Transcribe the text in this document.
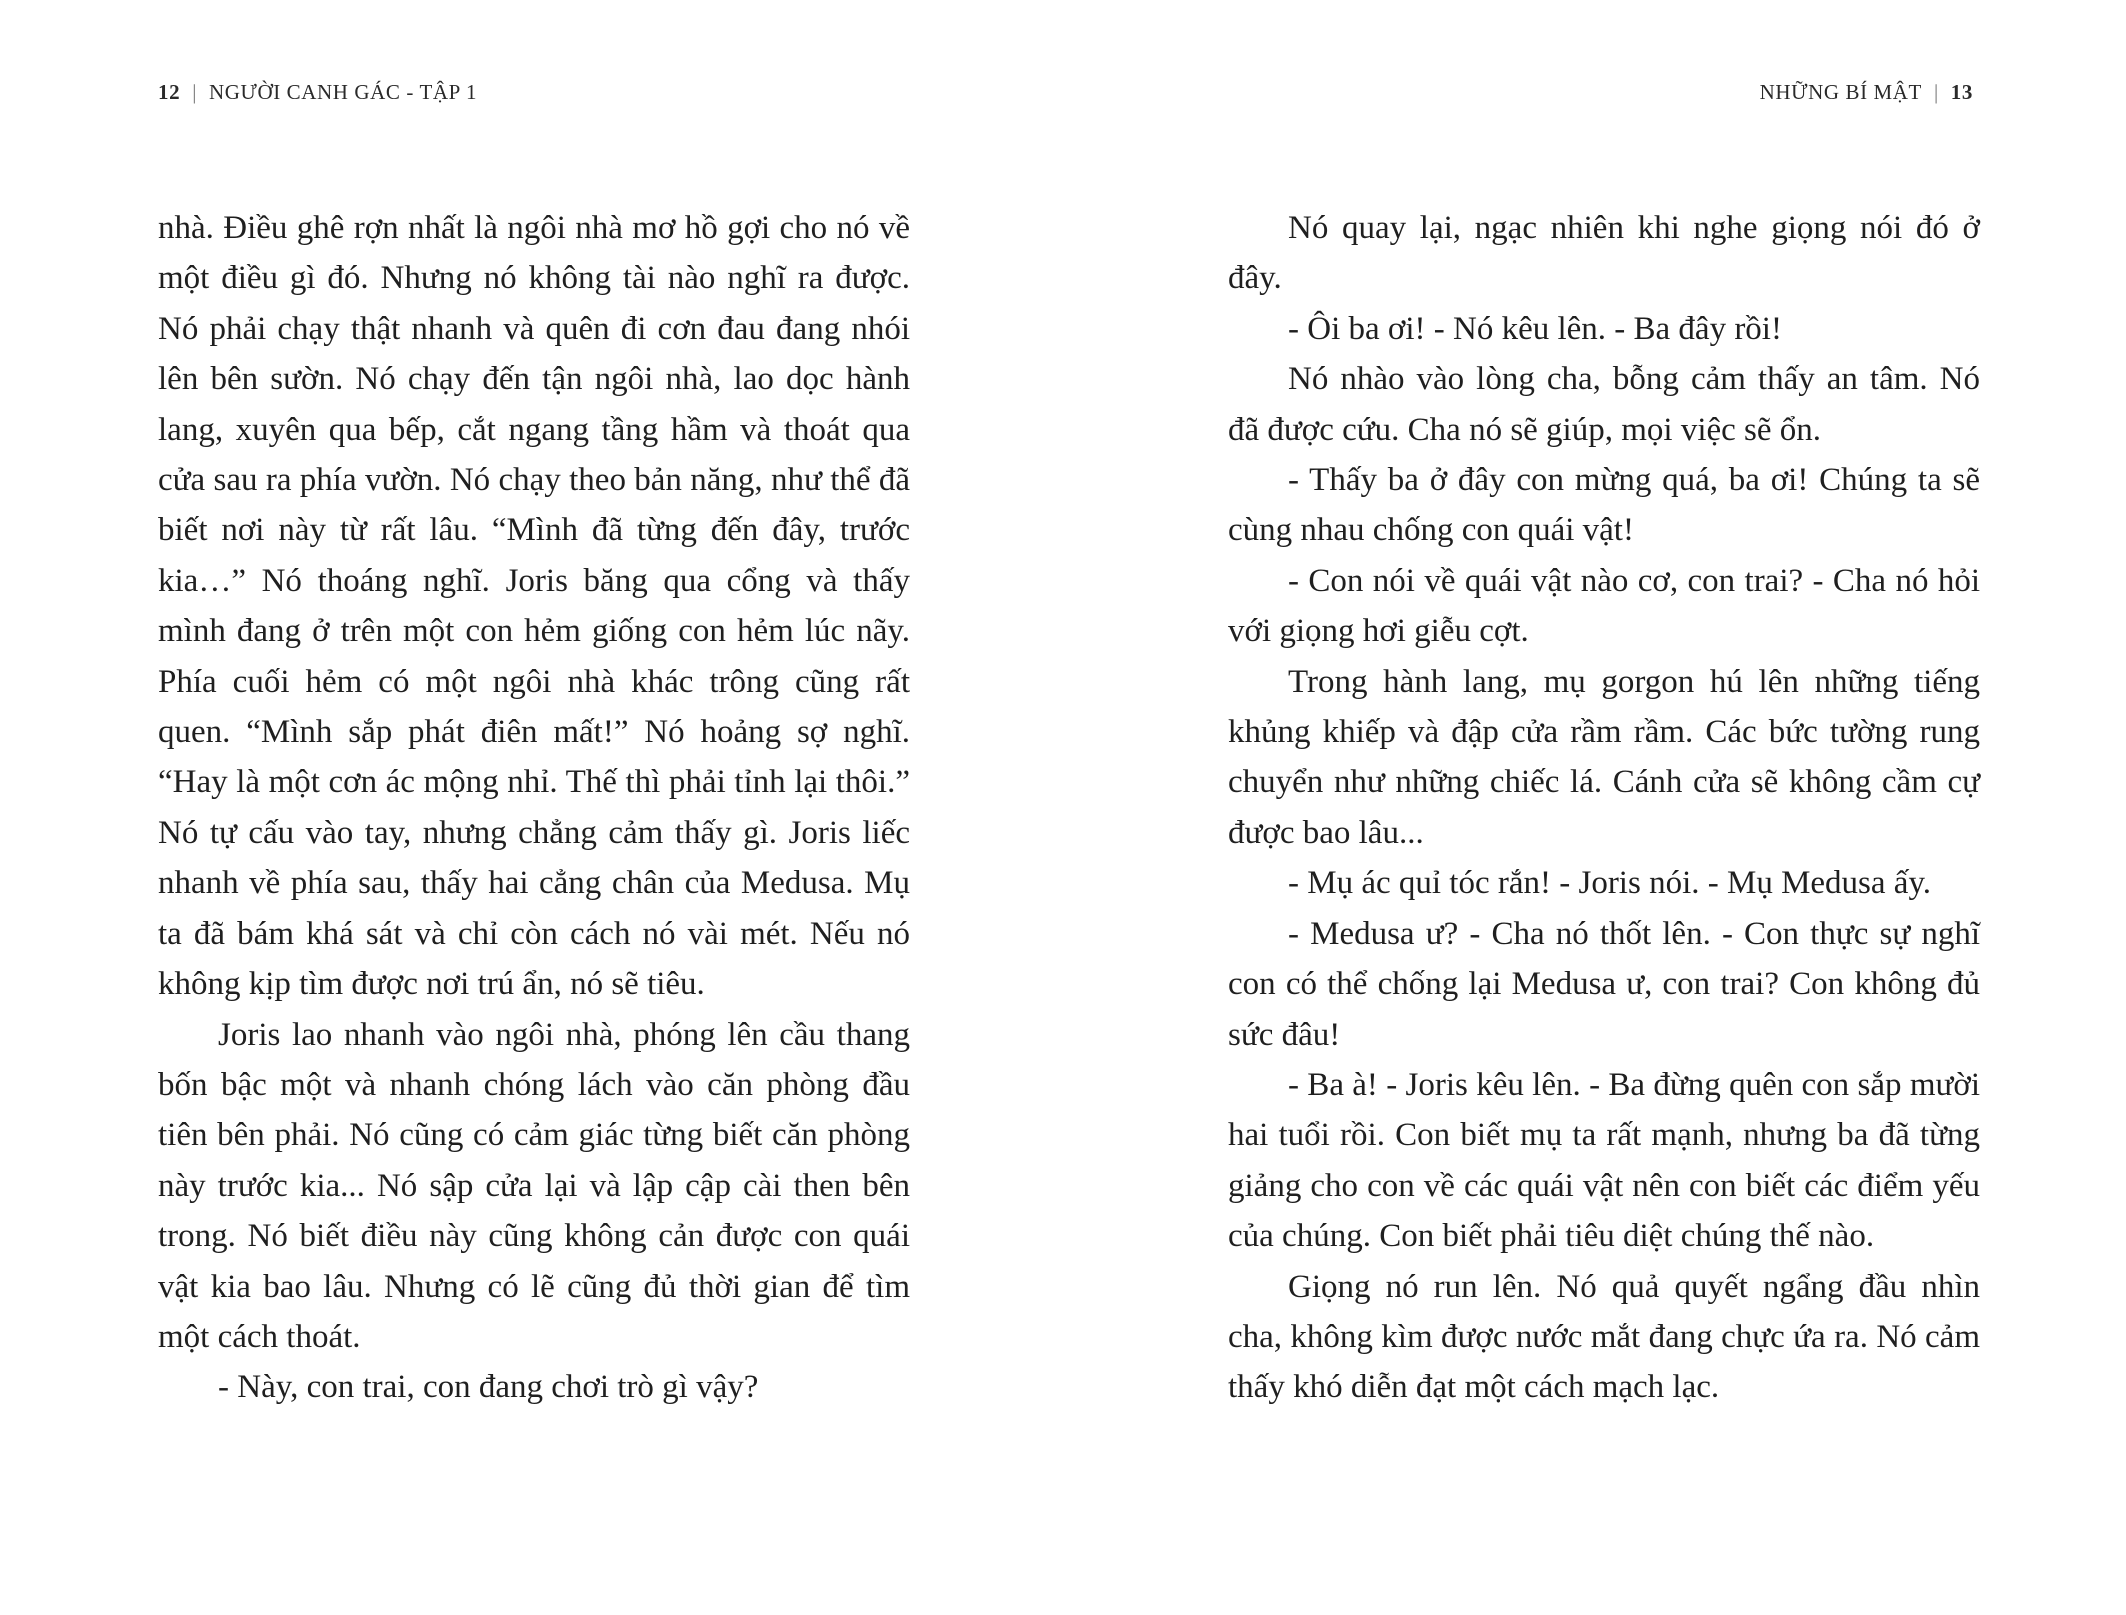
12 | NGƯỜI CANH GÁC - TẬP 1

nhà. Điều ghê rợn nhất là ngôi nhà mơ hồ gợi cho nó về một điều gì đó. Nhưng nó không tài nào nghĩ ra được. Nó phải chạy thật nhanh và quên đi cơn đau đang nhói lên bên sườn. Nó chạy đến tận ngôi nhà, lao dọc hành lang, xuyên qua bếp, cắt ngang tầng hầm và thoát qua cửa sau ra phía vườn. Nó chạy theo bản năng, như thể đã biết nơi này từ rất lâu. “Mình đã từng đến đây, trước kia…” Nó thoáng nghĩ. Joris băng qua cổng và thấy mình đang ở trên một con hẻm giống con hẻm lúc nãy. Phía cuối hẻm có một ngôi nhà khác trông cũng rất quen. “Mình sắp phát điên mất!” Nó hoảng sợ nghĩ. “Hay là một cơn ác mộng nhỉ. Thế thì phải tỉnh lại thôi.” Nó tự cấu vào tay, nhưng chẳng cảm thấy gì. Joris liếc nhanh về phía sau, thấy hai cẳng chân của Medusa. Mụ ta đã bám khá sát và chỉ còn cách nó vài mét. Nếu nó không kịp tìm được nơi trú ẩn, nó sẽ tiêu.

Joris lao nhanh vào ngôi nhà, phóng lên cầu thang bốn bậc một và nhanh chóng lách vào căn phòng đầu tiên bên phải. Nó cũng có cảm giác từng biết căn phòng này trước kia... Nó sập cửa lại và lập cập cài then bên trong. Nó biết điều này cũng không cản được con quái vật kia bao lâu. Nhưng có lẽ cũng đủ thời gian để tìm một cách thoát.

- Này, con trai, con đang chơi trò gì vậy?

NHỮNG BÍ MẬT | 13

Nó quay lại, ngạc nhiên khi nghe giọng nói đó ở đây.

- Ôi ba ơi! - Nó kêu lên. - Ba đây rồi!

Nó nhào vào lòng cha, bỗng cảm thấy an tâm. Nó đã được cứu. Cha nó sẽ giúp, mọi việc sẽ ổn.

- Thấy ba ở đây con mừng quá, ba ơi! Chúng ta sẽ cùng nhau chống con quái vật!

- Con nói về quái vật nào cơ, con trai? - Cha nó hỏi với giọng hơi giễu cợt.

Trong hành lang, mụ gorgon hú lên những tiếng khủng khiếp và đập cửa rầm rầm. Các bức tường rung chuyển như những chiếc lá. Cánh cửa sẽ không cầm cự được bao lâu...

- Mụ ác quỉ tóc rắn! - Joris nói. - Mụ Medusa ấy.

- Medusa ư? - Cha nó thốt lên. - Con thực sự nghĩ con có thể chống lại Medusa ư, con trai? Con không đủ sức đâu!

- Ba à! - Joris kêu lên. - Ba đừng quên con sắp mười hai tuổi rồi. Con biết mụ ta rất mạnh, nhưng ba đã từng giảng cho con về các quái vật nên con biết các điểm yếu của chúng. Con biết phải tiêu diệt chúng thế nào.

Giọng nó run lên. Nó quả quyết ngẩng đầu nhìn cha, không kìm được nước mắt đang chực ứa ra. Nó cảm thấy khó diễn đạt một cách mạch lạc.
